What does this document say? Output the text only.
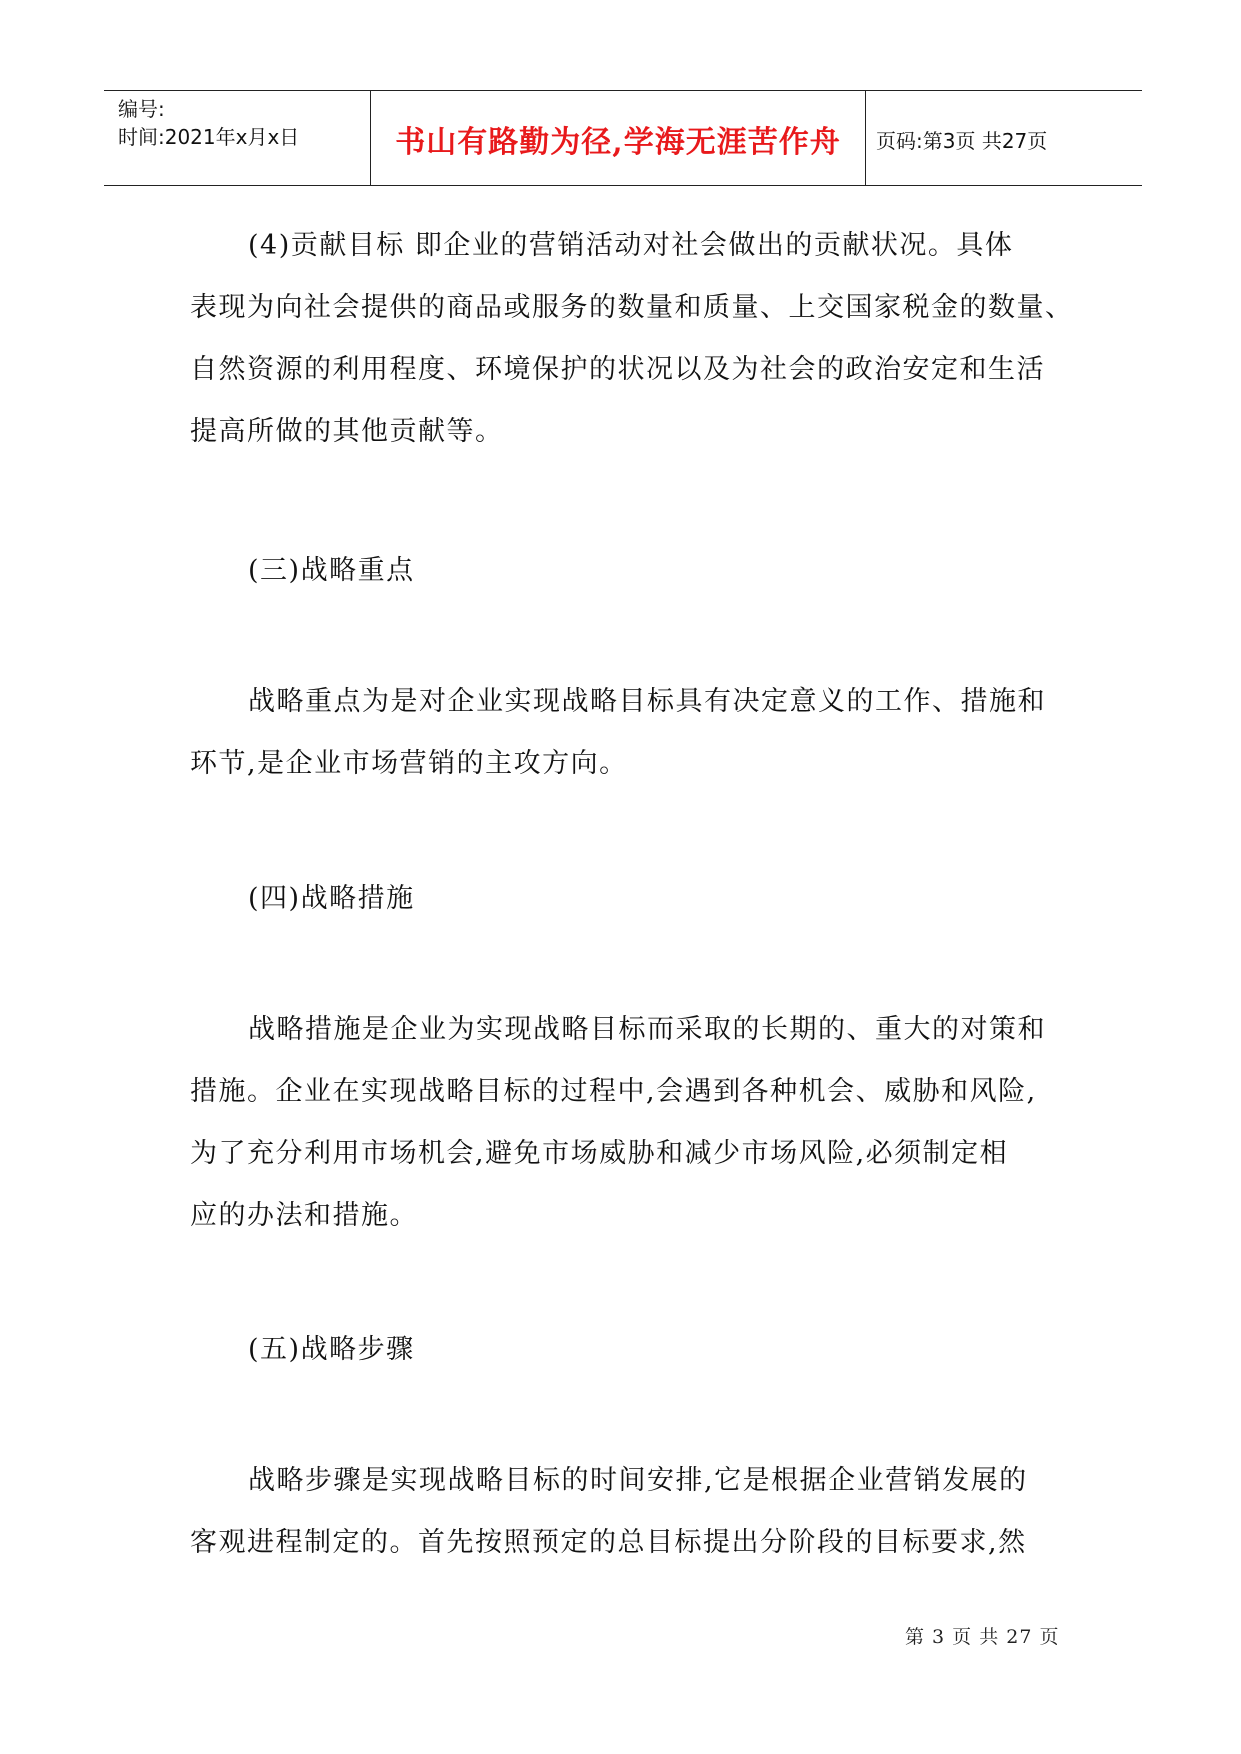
编号:
时间:2021年x月x日	书山有路勤为径,学海无涯苦作舟	页码:第3页 共27页
(4)贡献目标 即企业的营销活动对社会做出的贡献状况。具体
表现为向社会提供的商品或服务的数量和质量、上交国家税金的数量、
自然资源的利用程度、环境保护的状况以及为社会的政治安定和生活
提高所做的其他贡献等。
(三)战略重点
战略重点为是对企业实现战略目标具有决定意义的工作、措施和
环节,是企业市场营销的主攻方向。
(四)战略措施
战略措施是企业为实现战略目标而采取的长期的、重大的对策和
措施。企业在实现战略目标的过程中,会遇到各种机会、威胁和风险,
为了充分利用市场机会,避免市场威胁和减少市场风险,必须制定相
应的办法和措施。
(五)战略步骤
战略步骤是实现战略目标的时间安排,它是根据企业营销发展的
客观进程制定的。首先按照预定的总目标提出分阶段的目标要求,然
第 3 页 共 27 页
